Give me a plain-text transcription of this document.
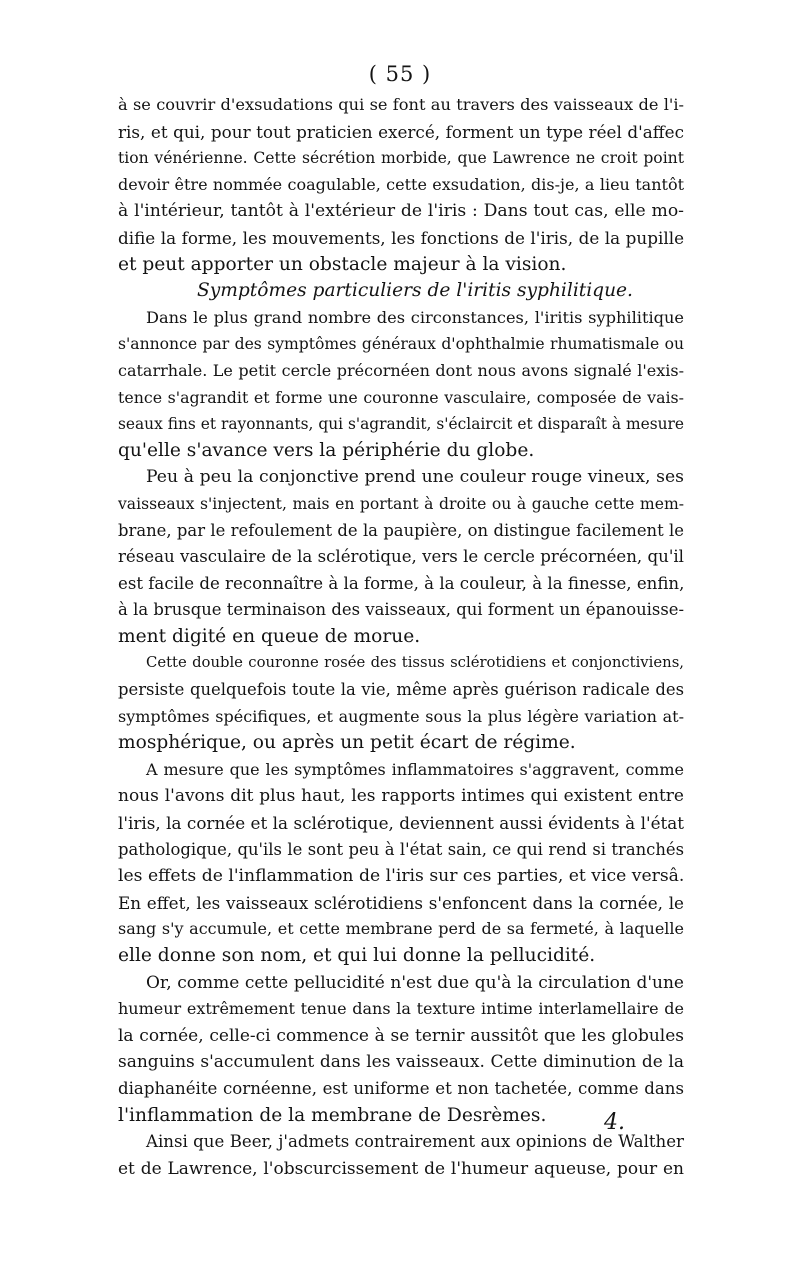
( 55 )
à se couvrir d'exsudations qui se font au travers des vaisseaux de l'i-
ris, et qui, pour tout praticien exercé, forment un type réel d'affec
tion vénérienne. Cette sécrétion morbide, que Lawrence ne croit point
devoir être nommée coagulable, cette exsudation, dis-je, a lieu tantôt
à l'intérieur, tantôt à l'extérieur de l'iris : Dans tout cas, elle mo-
difie la forme, les mouvements, les fonctions de l'iris, de la pupille
et peut apporter un obstacle majeur à la vision.
Symptômes particuliers de l'iritis syphilitique.
Dans le plus grand nombre des circonstances, l'iritis syphilitique
s'annonce par des symptômes généraux d'ophthalmie rhumatismale ou
catarrhale. Le petit cercle précornéen dont nous avons signalé l'exis-
tence s'agrandit et forme une couronne vasculaire, composée de vais-
seaux fins et rayonnants, qui s'agrandit, s'éclaircit et disparaît à mesure
qu'elle s'avance vers la périphérie du globe.
Peu à peu la conjonctive prend une couleur rouge vineux, ses
vaisseaux s'injectent, mais en portant à droite ou à gauche cette mem-
brane, par le refoulement de la paupière, on distingue facilement le
réseau vasculaire de la sclérotique, vers le cercle précornéen, qu'il
est facile de reconnaître à la forme, à la couleur, à la finesse, enfin,
à la brusque terminaison des vaisseaux, qui forment un épanouisse-
ment digité en queue de morue.
Cette double couronne rosée des tissus sclérotidiens et conjonctiviens,
persiste quelquefois toute la vie, même après guérison radicale des
symptômes spécifiques, et augmente sous la plus légère variation at-
mosphérique, ou après un petit écart de régime.
A mesure que les symptômes inflammatoires s'aggravent, comme
nous l'avons dit plus haut, les rapports intimes qui existent entre
l'iris, la cornée et la sclérotique, deviennent aussi évidents à l'état
pathologique, qu'ils le sont peu à l'état sain, ce qui rend si tranchés
les effets de l'inflammation de l'iris sur ces parties, et vice versâ.
En effet, les vaisseaux sclérotidiens s'enfoncent dans la cornée, le
sang s'y accumule, et cette membrane perd de sa fermeté, à laquelle
elle donne son nom, et qui lui donne la pellucidité.
Or, comme cette pellucidité n'est due qu'à la circulation d'une
humeur extrêmement tenue dans la texture intime interlamellaire de
la cornée, celle-ci commence à se ternir aussitôt que les globules
sanguins s'accumulent dans les vaisseaux. Cette diminution de la
diaphanéite cornéenne, est uniforme et non tachetée, comme dans
l'inflammation de la membrane de Desrèmes.
Ainsi que Beer, j'admets contrairement aux opinions de Walther
et de Lawrence, l'obscurcissement de l'humeur aqueuse, pour en
4.
